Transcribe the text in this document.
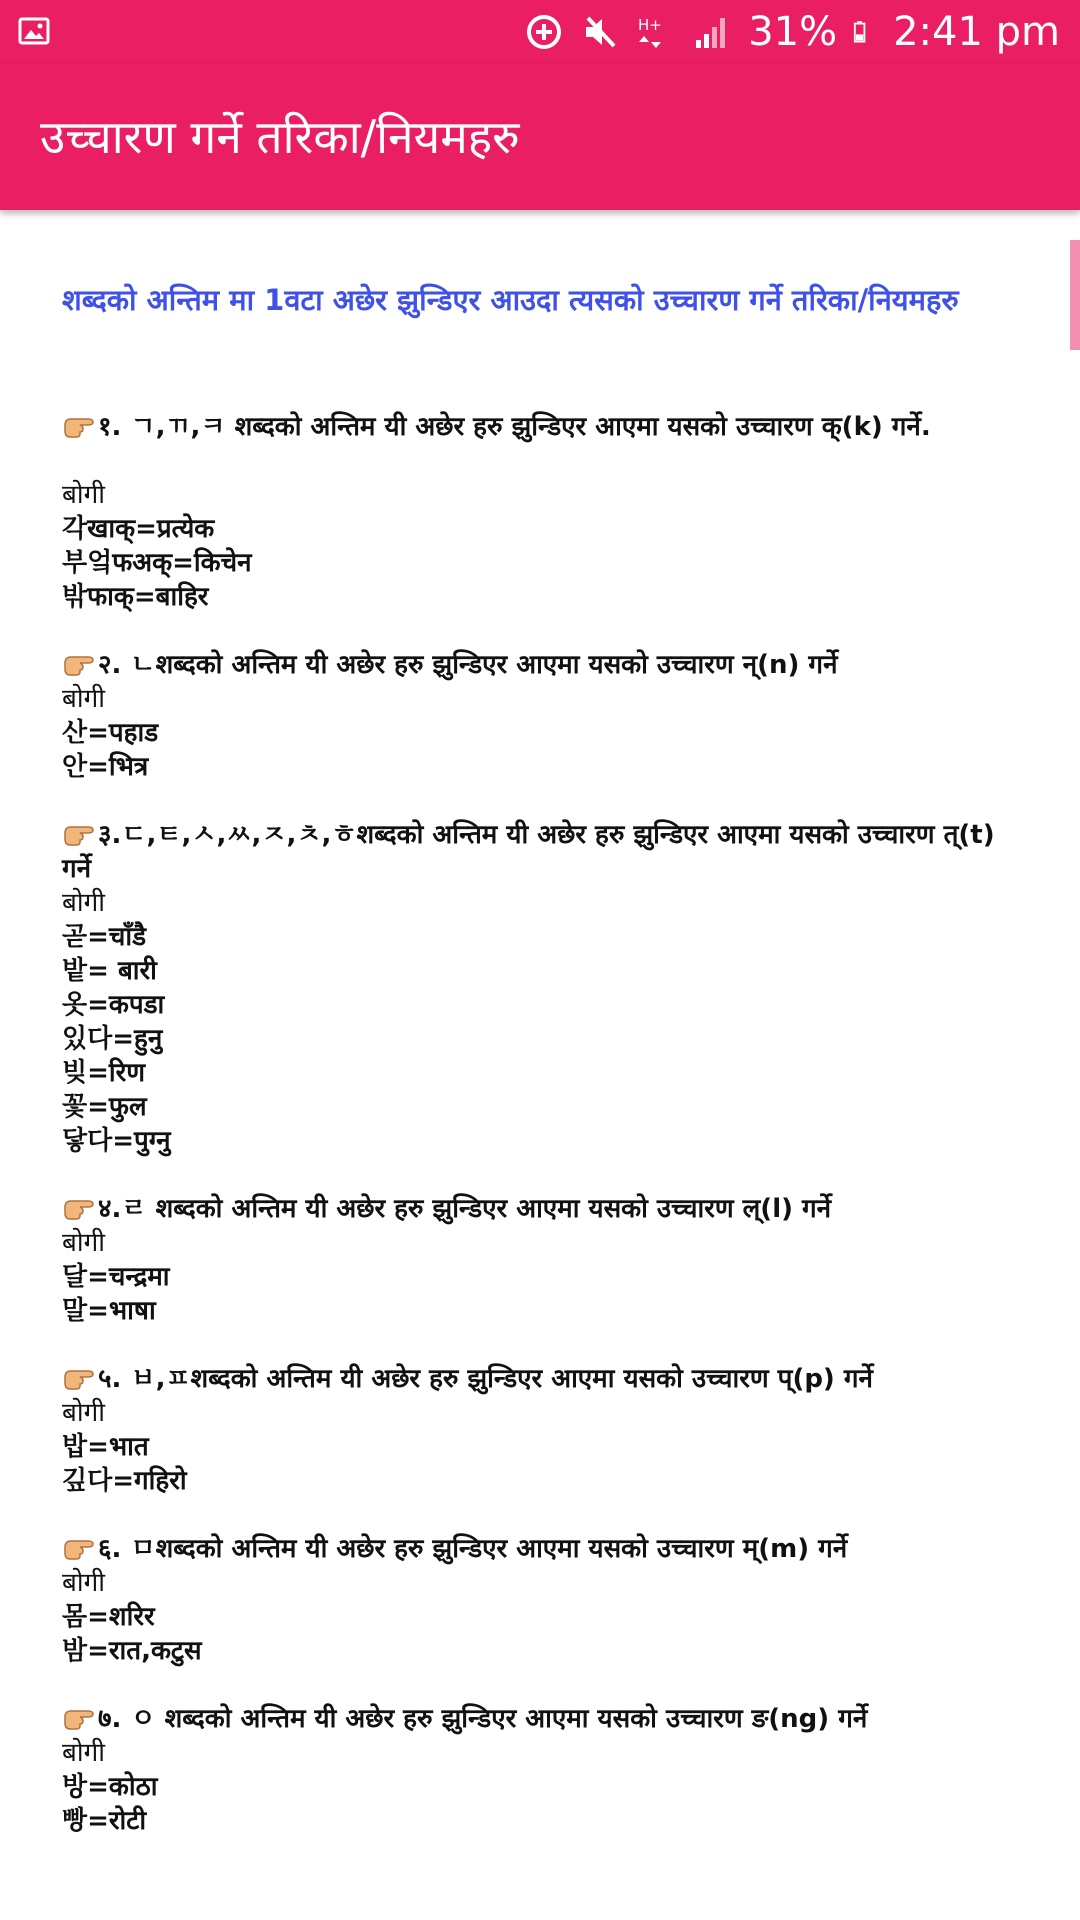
H+ 31% 2:41 pm
उच्चारण गर्ने तरिका/नियमहरु
शब्दको अन्तिम मा 1वटा अछेर झुन्डिएर आउदा त्यसको उच्चारण गर्ने तरिका/नियमहरु
१. ㄱ,ㄲ,ㅋ शब्दको अन्तिम यी अछेर हरु झुन्डिएर आएमा यसको उच्चारण क्(k) गर्ने.
बोगी
각खाक्=प्रत्येक
부엌फअक्=किचेन
밖फाक्=बाहिर
२. ㄴशब्दको अन्तिम यी अछेर हरु झुन्डिएर आएमा यसको उच्चारण न्(n) गर्ने
बोगी
산=पहाड
안=भित्र
३.ㄷ,ㅌ,ㅅ,ㅆ,ㅈ,ㅊ,ㅎशब्दको अन्तिम यी अछेर हरु झुन्डिएर आएमा यसको उच्चारण त्(t) गर्ने
बोगी
곧=चाँडै
밭= बारी
옷=कपडा
있다=हुनु
빚=रिण
꽃=फुल
닿다=पुग्नु
४.ㄹ शब्दको अन्तिम यी अछेर हरु झुन्डिएर आएमा यसको उच्चारण ल्(l) गर्ने
बोगी
달=चन्द्रमा
말=भाषा
५. ㅂ,ㅍशब्दको अन्तिम यी अछेर हरु झुन्डिएर आएमा यसको उच्चारण प्(p) गर्ने
बोगी
밥=भात
깊다=गहिरो
६. ㅁशब्दको अन्तिम यी अछेर हरु झुन्डिएर आएमा यसको उच्चारण म्(m) गर्ने
बोगी
몸=शरिर
밤=रात,कटुस
७. ㅇ शब्दको अन्तिम यी अछेर हरु झुन्डिएर आएमा यसको उच्चारण ङ(ng) गर्ने
बोगी
방=कोठा
빵=रोटी
